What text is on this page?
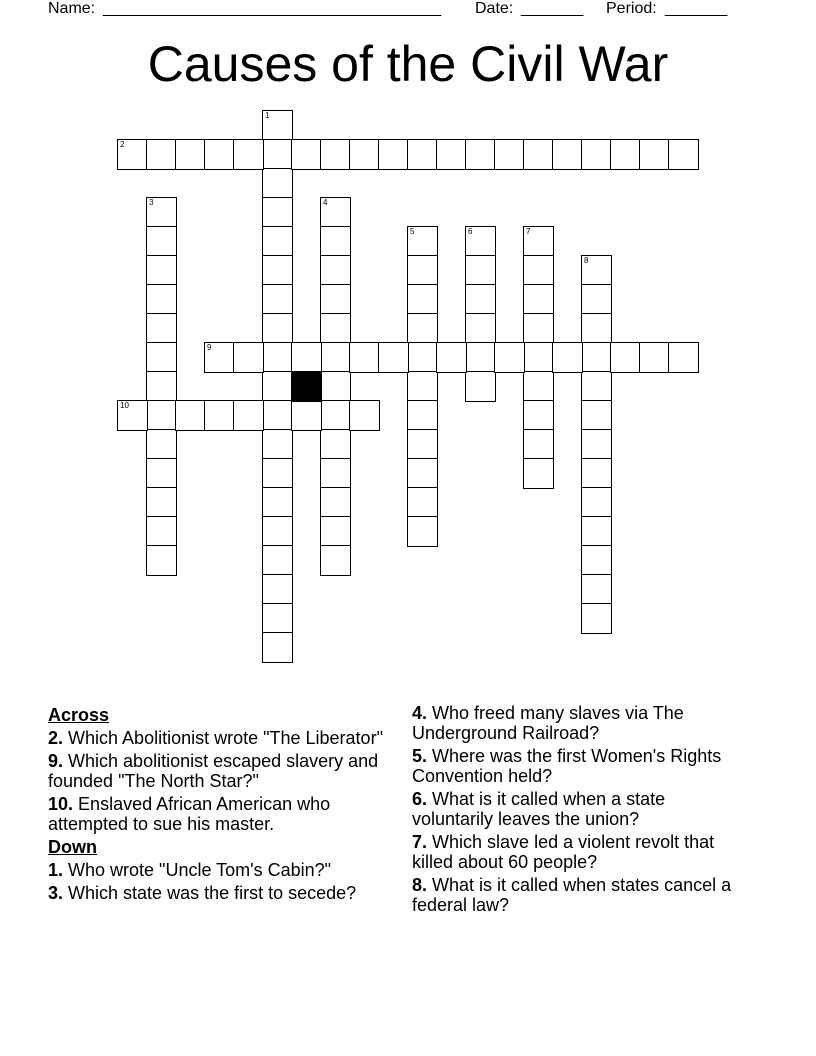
Name: ______________________________________ Date: _______ Period: _______
Causes of the Civil War
1
2
3	4
5	6	7
8
9
10
Across
2. Which Abolitionist wrote "The Liberator"
9. Which abolitionist escaped slavery and founded "The North Star?"
10. Enslaved African American who attempted to sue his master.
Down
1. Who wrote "Uncle Tom's Cabin?"
3. Which state was the first to secede?
4. Who freed many slaves via The Underground Railroad?
5. Where was the first Women's Rights Convention held?
6. What is it called when a state voluntarily leaves the union?
7. Which slave led a violent revolt that killed about 60 people?
8. What is it called when states cancel a federal law?
